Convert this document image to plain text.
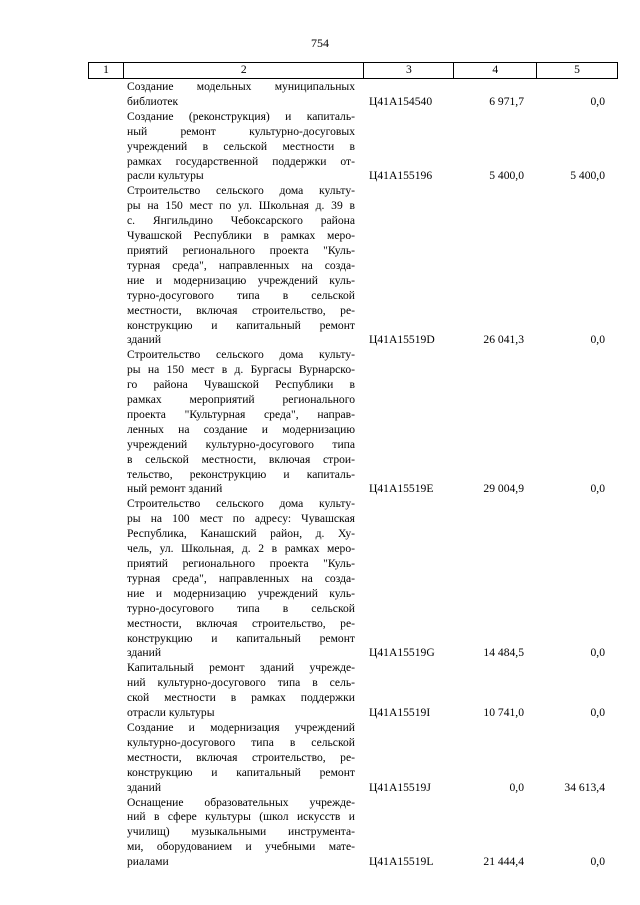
754
1	2	3	4	5
Создание модельных муниципальных
библиотек	Ц41А154540	6 971,7	0,0
Создание (реконструкция) и капиталь-
ный ремонт культурно-досуговых
учреждений в сельской местности в
рамках государственной поддержки от-
расли культуры	Ц41А155196	5 400,0	5 400,0
Строительство сельского дома культу-
ры на 150 мест по ул. Школьная д. 39 в
с. Янгильдино Чебоксарского района
Чувашской Республики в рамках меро-
приятий регионального проекта "Куль-
турная среда", направленных на созда-
ние и модернизацию учреждений куль-
турно-досугового типа в сельской
местности, включая строительство, ре-
конструкцию и капитальный ремонт
зданий	Ц41А15519D	26 041,3	0,0
Строительство сельского дома культу-
ры на 150 мест в д. Бургасы Вурнарско-
го района Чувашской Республики в
рамках мероприятий регионального
проекта "Культурная среда", направ-
ленных на создание и модернизацию
учреждений культурно-досугового типа
в сельской местности, включая строи-
тельство, реконструкцию и капиталь-
ный ремонт зданий	Ц41А15519E	29 004,9	0,0
Строительство сельского дома культу-
ры на 100 мест по адресу: Чувашская
Республика, Канашский район, д. Ху-
чель, ул. Школьная, д. 2 в рамках меро-
приятий регионального проекта "Куль-
турная среда", направленных на созда-
ние и модернизацию учреждений куль-
турно-досугового типа в сельской
местности, включая строительство, ре-
конструкцию и капитальный ремонт
зданий	Ц41А15519G	14 484,5	0,0
Капитальный ремонт зданий учрежде-
ний культурно-досугового типа в сель-
ской местности в рамках поддержки
отрасли культуры	Ц41А15519I	10 741,0	0,0
Создание и модернизация учреждений
культурно-досугового типа в сельской
местности, включая строительство, ре-
конструкцию и капитальный ремонт
зданий	Ц41А15519J	0,0	34 613,4
Оснащение образовательных учрежде-
ний в сфере культуры (школ искусств и
училищ) музыкальными инструмента-
ми, оборудованием и учебными мате-
риалами	Ц41А15519L	21 444,4	0,0
